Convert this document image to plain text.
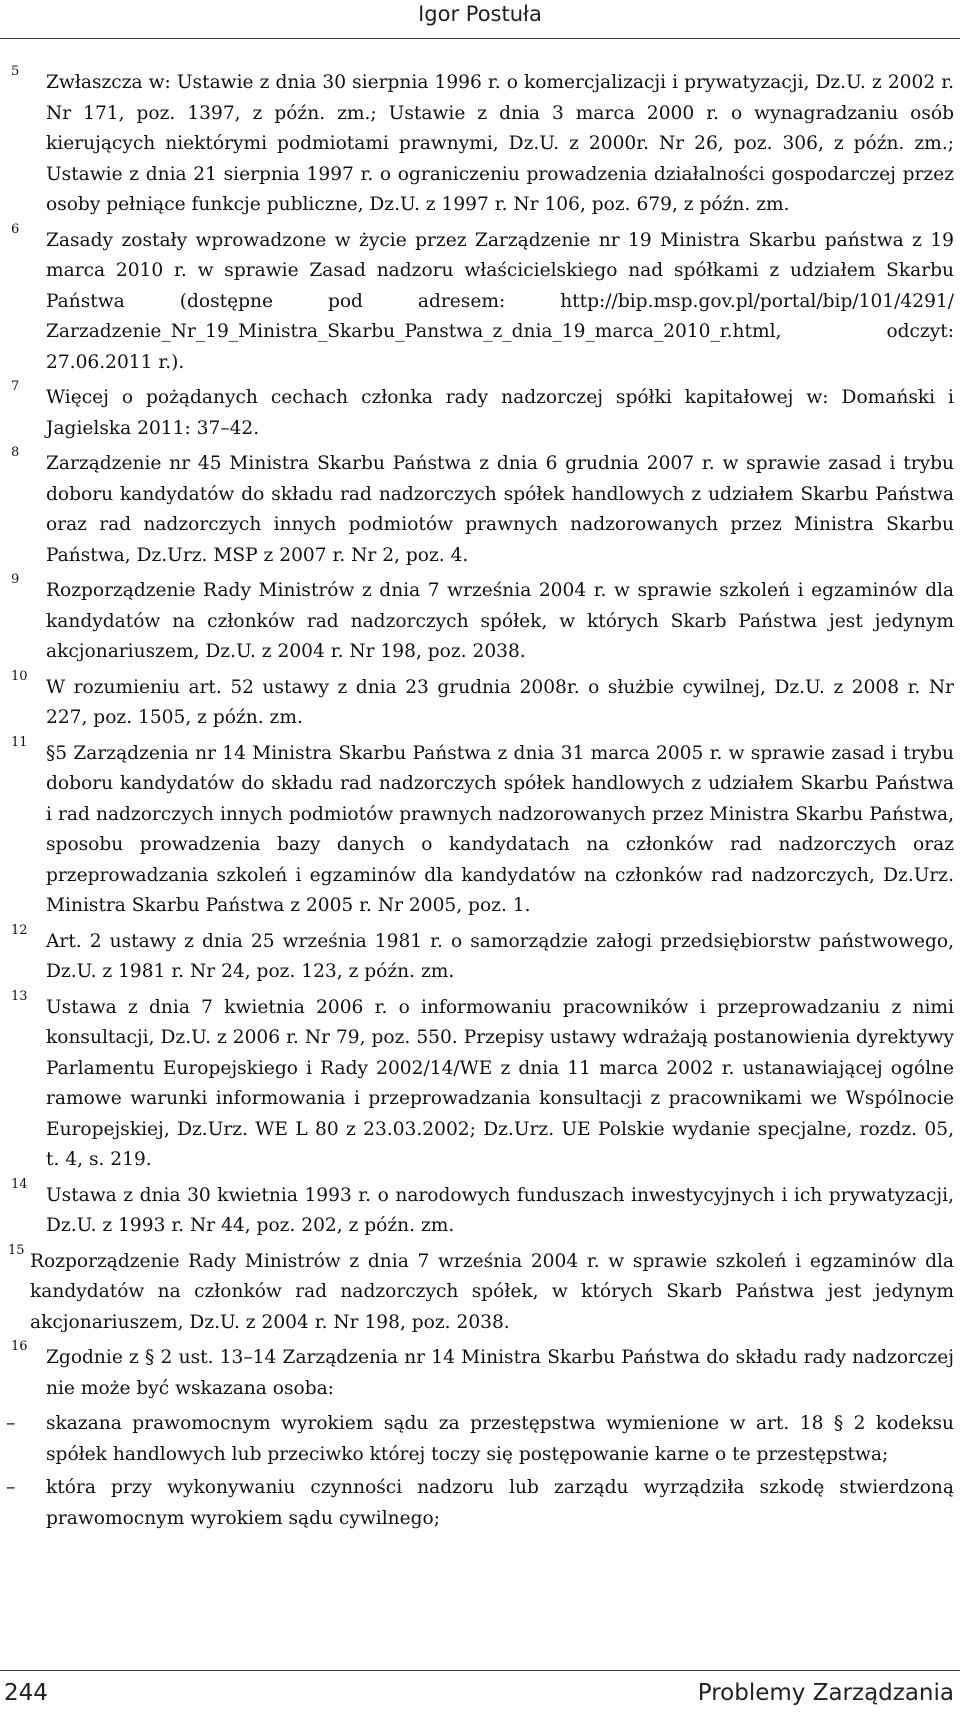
Igor Postuła
5
Zwłaszcza w: Ustawie z dnia 30 sierpnia 1996 r. o komercjalizacji i prywatyzacji, Dz.U. z 2002 r. Nr 171, poz. 1397, z późn. zm.; Ustawie z dnia 3 marca 2000 r. o wynagradzaniu osób kierujących niektórymi podmiotami prawnymi, Dz.U. z 2000r. Nr 26, poz. 306, z późn. zm.; Ustawie z dnia 21 sierpnia 1997 r. o ograniczeniu prowadzenia działalności gospodarczej przez osoby pełniące funkcje publiczne, Dz.U. z 1997 r. Nr 106, poz. 679, z późn. zm.
6
Zasady zostały wprowadzone w życie przez Zarządzenie nr 19 Ministra Skarbu państwa z 19 marca 2010 r. w sprawie Zasad nadzoru właścicielskiego nad spółkami z udziałem Skarbu Państwa (dostępne pod adresem: http://bip.msp.gov.pl/portal/bip/101/4291/ Zarzadzenie_Nr_19_Ministra_Skarbu_Panstwa_z_dnia_19_marca_2010_r.html, odczyt: 27.06.2011 r.).
7
Więcej o pożądanych cechach członka rady nadzorczej spółki kapitałowej w: Domański i Jagielska 2011: 37–42.
8
Zarządzenie nr 45 Ministra Skarbu Państwa z dnia 6 grudnia 2007 r. w sprawie zasad i trybu doboru kandydatów do składu rad nadzorczych spółek handlowych z udziałem Skarbu Państwa oraz rad nadzorczych innych podmiotów prawnych nadzorowanych przez Ministra Skarbu Państwa, Dz.Urz. MSP z 2007 r. Nr 2, poz. 4.
9
Rozporządzenie Rady Ministrów z dnia 7 września 2004 r. w sprawie szkoleń i egzaminów dla kandydatów na członków rad nadzorczych spółek, w których Skarb Państwa jest jedynym akcjonariuszem, Dz.U. z 2004 r. Nr 198, poz. 2038.
10
W rozumieniu art. 52 ustawy z dnia 23 grudnia 2008r. o służbie cywilnej, Dz.U. z 2008 r. Nr 227, poz. 1505, z późn. zm.
11
§5 Zarządzenia nr 14 Ministra Skarbu Państwa z dnia 31 marca 2005 r. w sprawie zasad i trybu doboru kandydatów do składu rad nadzorczych spółek handlowych z udziałem Skarbu Państwa i rad nadzorczych innych podmiotów prawnych nadzorowanych przez Ministra Skarbu Państwa, sposobu prowadzenia bazy danych o kandydatach na członków rad nadzorczych oraz przeprowadzania szkoleń i egzaminów dla kandydatów na członków rad nadzorczych, Dz.Urz. Ministra Skarbu Państwa z 2005 r. Nr 2005, poz. 1.
12
Art. 2 ustawy z dnia 25 września 1981 r. o samorządzie załogi przedsiębiorstw państwowego, Dz.U. z 1981 r. Nr 24, poz. 123, z późn. zm.
13
Ustawa z dnia 7 kwietnia 2006 r. o informowaniu pracowników i przeprowadzaniu z nimi konsultacji, Dz.U. z 2006 r. Nr 79, poz. 550. Przepisy ustawy wdrażają postanowienia dyrektywy Parlamentu Europejskiego i Rady 2002/14/WE z dnia 11 marca 2002 r. ustanawiającej ogólne ramowe warunki informowania i przeprowadzania konsultacji z pracownikami we Wspólnocie Europejskiej, Dz.Urz. WE L 80 z 23.03.2002; Dz.Urz. UE Polskie wydanie specjalne, rozdz. 05, t. 4, s. 219.
14
Ustawa z dnia 30 kwietnia 1993 r. o narodowych funduszach inwestycyjnych i ich prywatyzacji, Dz.U. z 1993 r. Nr 44, poz. 202, z późn. zm.
15
Rozporządzenie Rady Ministrów z dnia 7 września 2004 r. w sprawie szkoleń i egzaminów dla kandydatów na członków rad nadzorczych spółek, w których Skarb Państwa jest jedynym akcjonariuszem, Dz.U. z 2004 r. Nr 198, poz. 2038.
16
Zgodnie z § 2 ust. 13–14 Zarządzenia nr 14 Ministra Skarbu Państwa do składu rady nadzorczej nie może być wskazana osoba:
– skazana prawomocnym wyrokiem sądu za przestępstwa wymienione w art. 18 § 2 kodeksu spółek handlowych lub przeciwko której toczy się postępowanie karne o te przestępstwa;
– która przy wykonywaniu czynności nadzoru lub zarządu wyrządziła szkodę stwierdzoną prawomocnym wyrokiem sądu cywilnego;
244	Problemy Zarządzania
